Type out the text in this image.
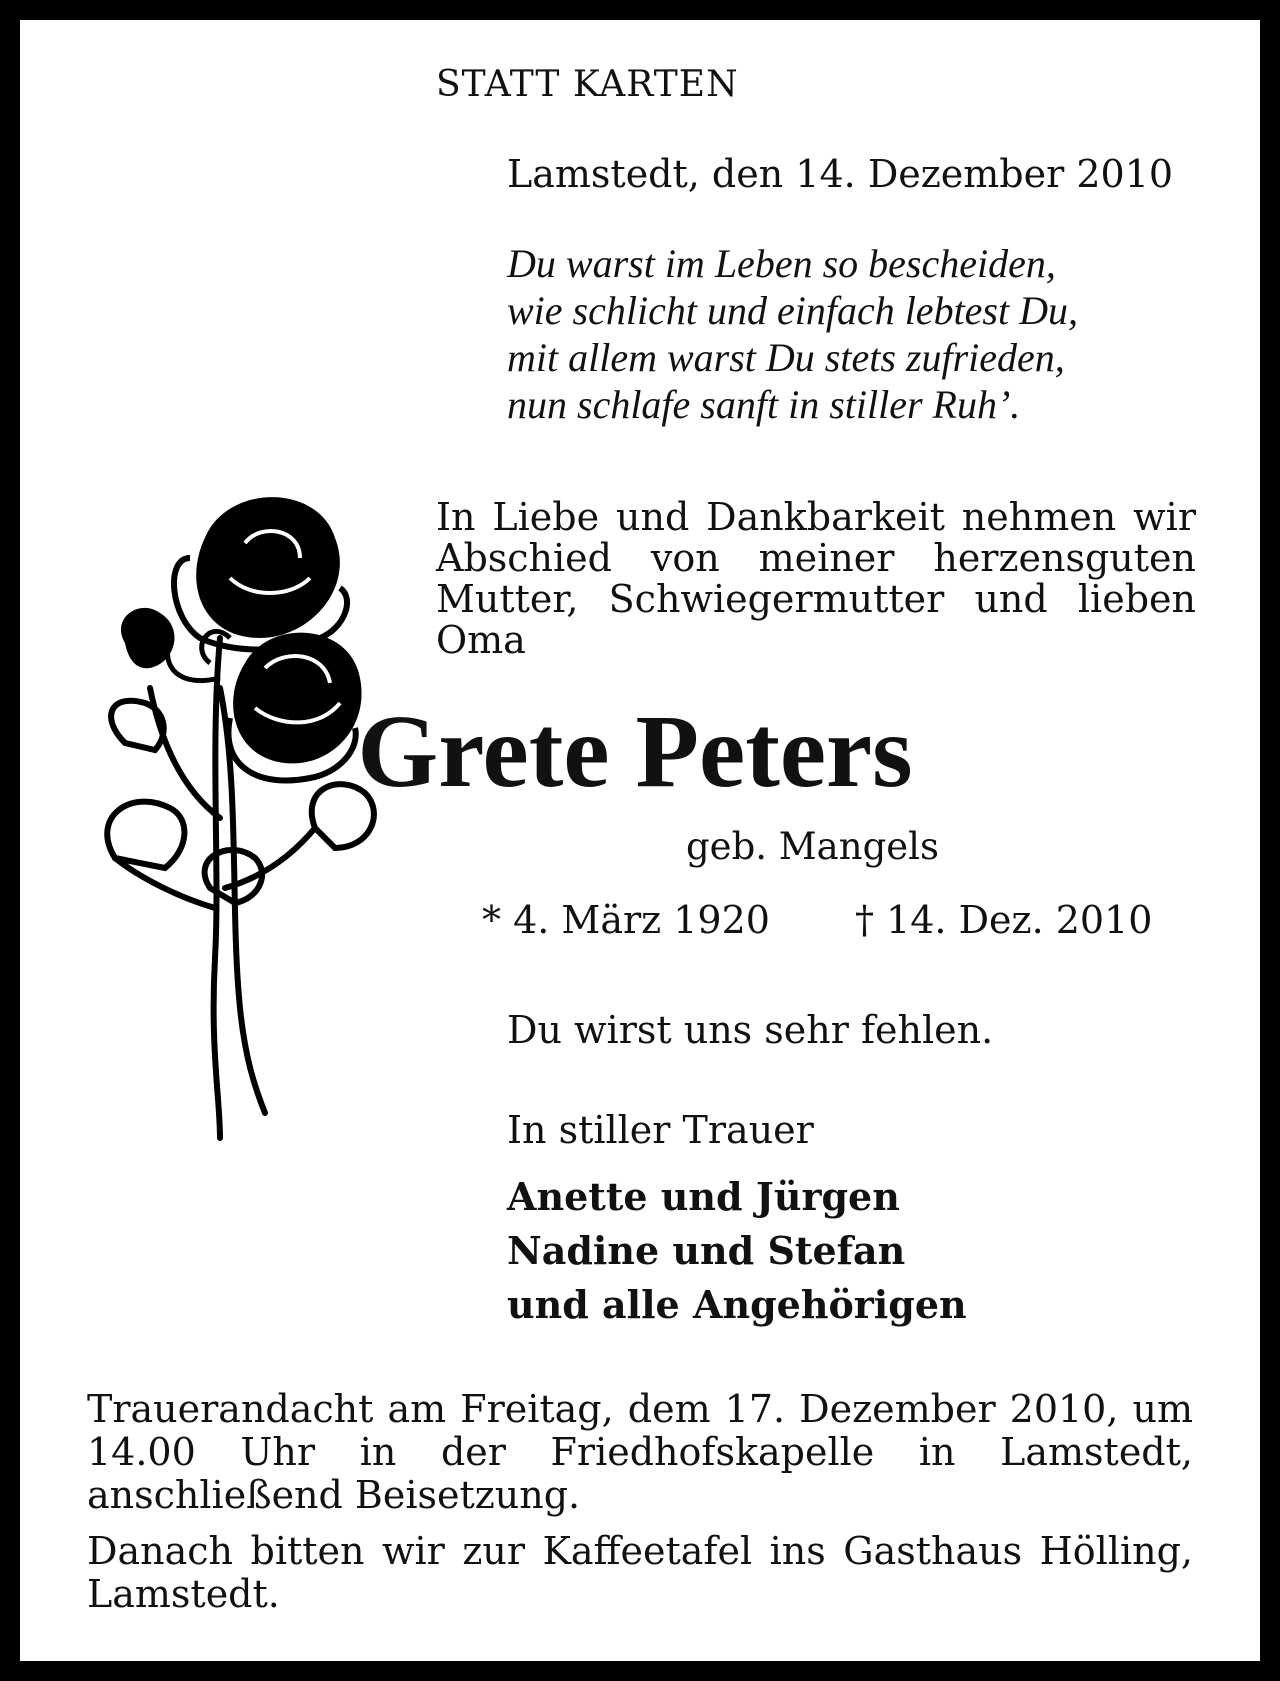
STATT KARTEN
Lamstedt, den 14. Dezember 2010
Du warst im Leben so bescheiden,
wie schlicht und einfach lebtest Du,
mit allem warst Du stets zufrieden,
nun schlafe sanft in stiller Ruh’.
In Liebe und Dankbarkeit nehmen wir Abschied von meiner herzensguten Mutter, Schwiegermutter und lieben Oma
Grete Peters
geb. Mangels
* 4. März 1920 † 14. Dez. 2010
Du wirst uns sehr fehlen.
In stiller Trauer
Anette und Jürgen
Nadine und Stefan
und alle Angehörigen
Trauerandacht am Freitag, dem 17. Dezember 2010, um 14.00 Uhr in der Friedhofskapelle in Lamstedt, anschließend Beisetzung.
Danach bitten wir zur Kaffeetafel ins Gasthaus Hölling, Lamstedt.
